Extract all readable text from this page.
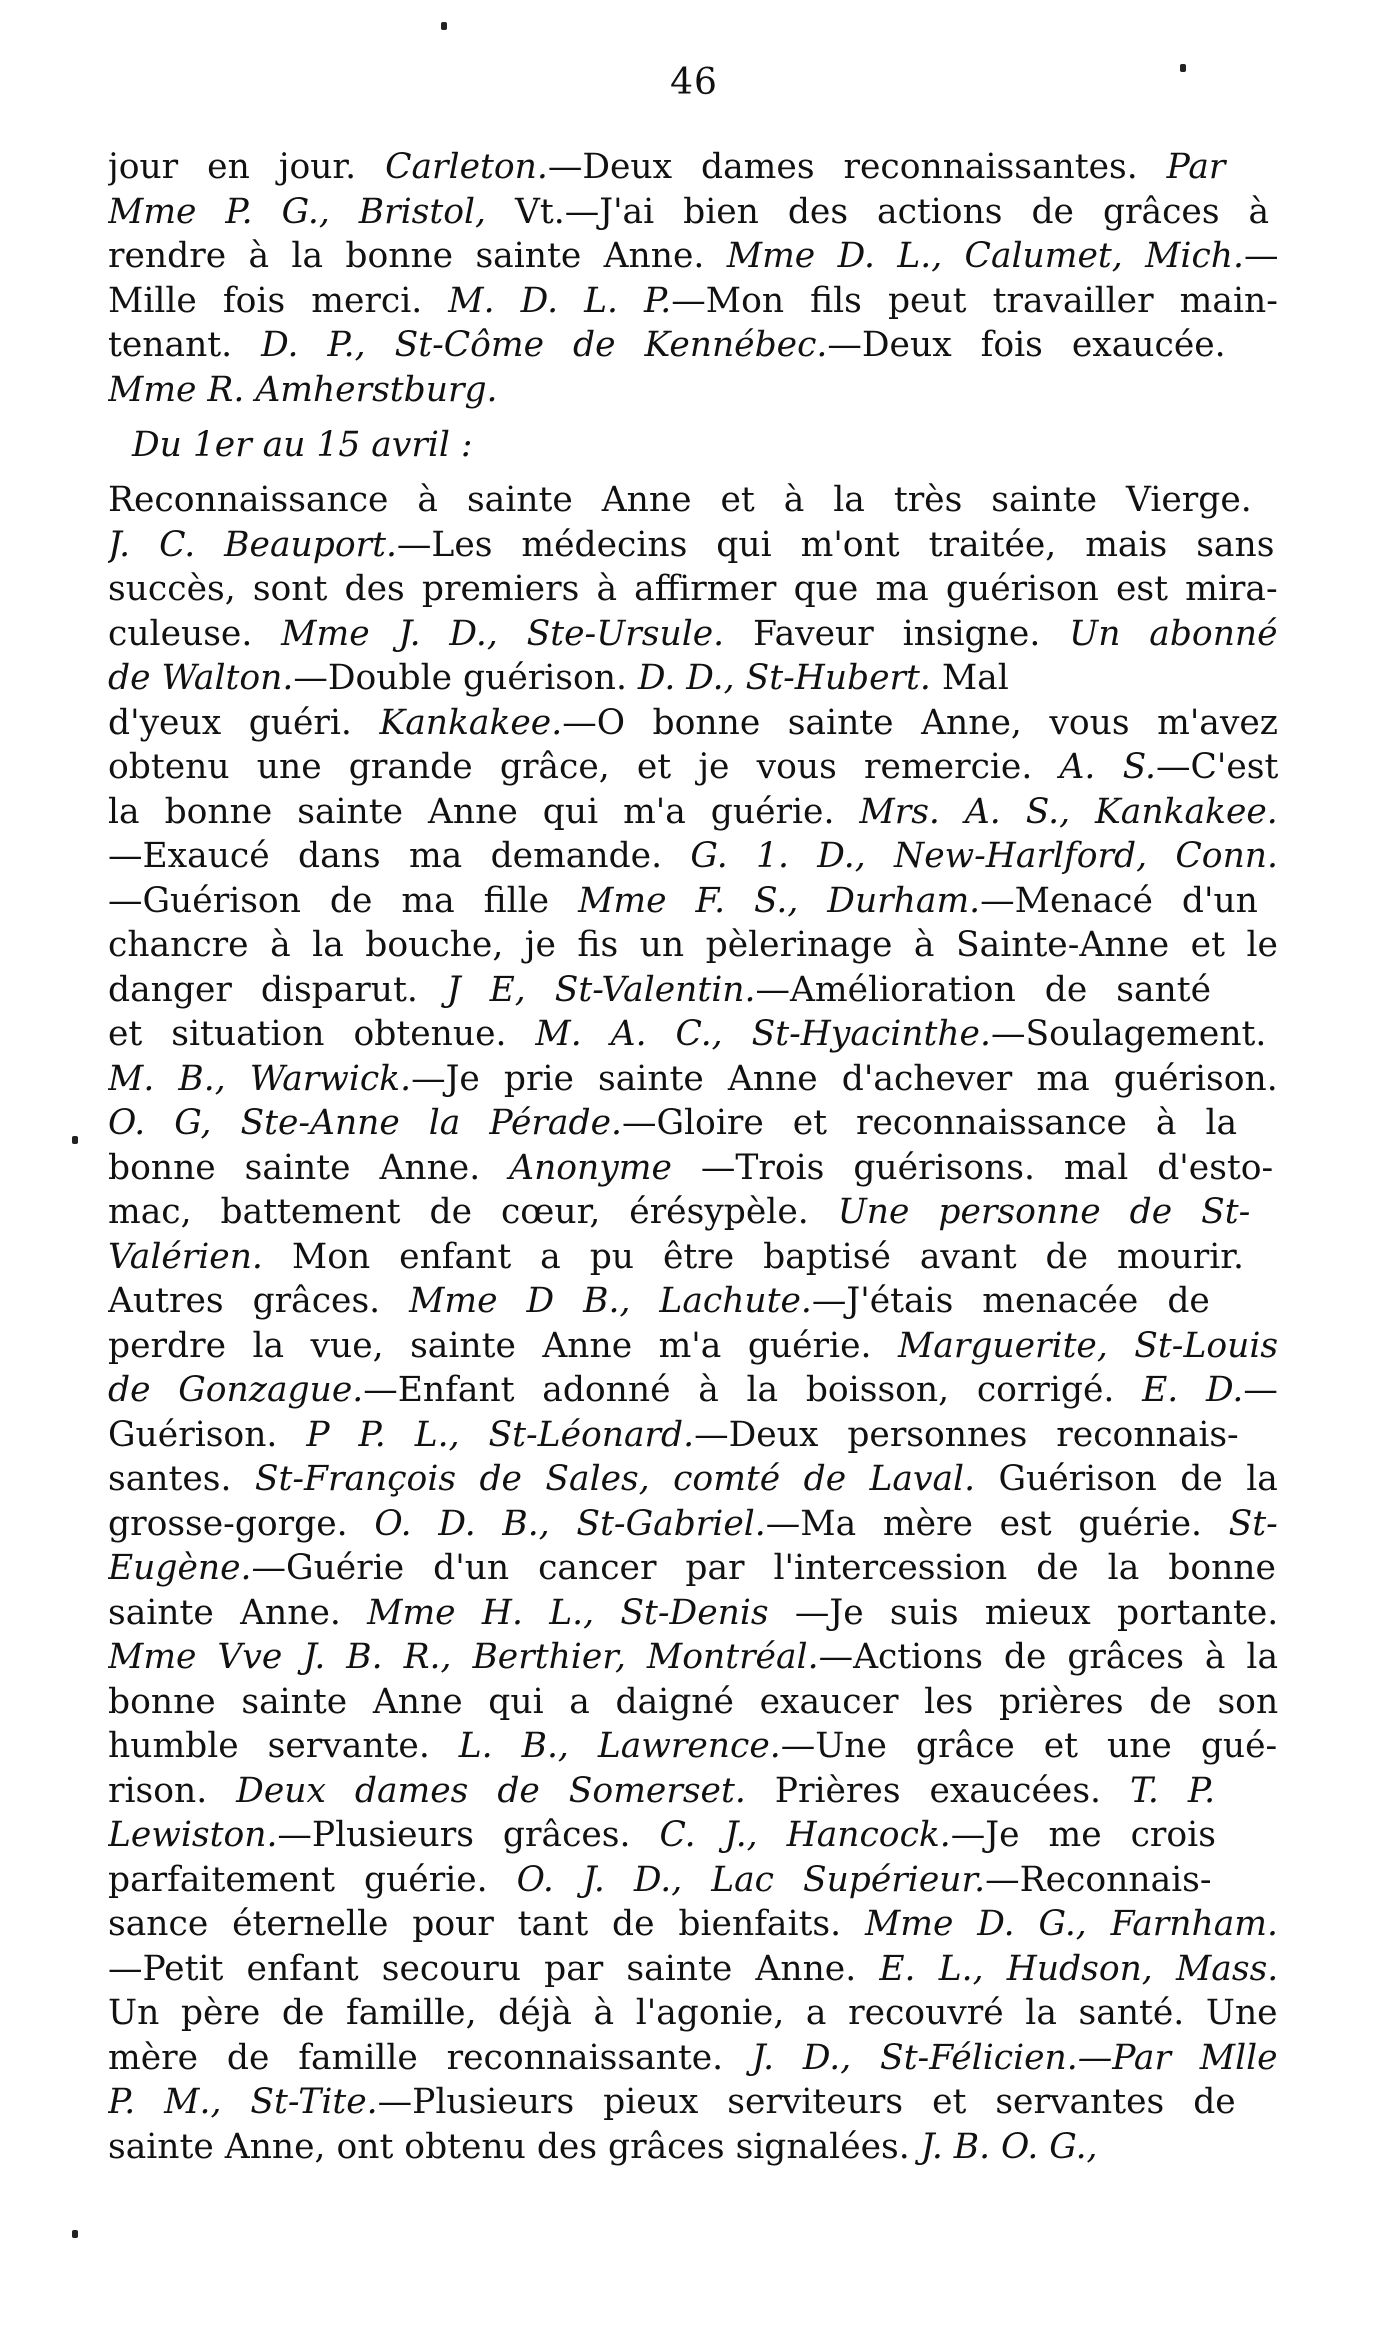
46
jour en jour. Carleton.—Deux dames reconnaissantes. Par
Mme P. G., Bristol, Vt.—J'ai bien des actions de grâces à
rendre à la bonne sainte Anne. Mme D. L., Calumet, Mich.—
Mille fois merci. M. D. L. P.—Mon fils peut travailler main-
tenant. D. P., St-Côme de Kennébec.—Deux fois exaucée.
Mme R. Amherstburg.
Du 1er au 15 avril :
Reconnaissance à sainte Anne et à la très sainte Vierge.
J. C. Beauport.—Les médecins qui m'ont traitée, mais sans
succès, sont des premiers à affirmer que ma guérison est mira-
culeuse. Mme J. D., Ste-Ursule. Faveur insigne. Un abonné
de Walton.—Double guérison. D. D., St-Hubert. Mal
d'yeux guéri. Kankakee.—O bonne sainte Anne, vous m'avez
obtenu une grande grâce, et je vous remercie. A. S.—C'est
la bonne sainte Anne qui m'a guérie. Mrs. A. S., Kankakee.
—Exaucé dans ma demande. G. 1. D., New-Harlford, Conn.
—Guérison de ma fille Mme F. S., Durham.—Menacé d'un
chancre à la bouche, je fis un pèlerinage à Sainte-Anne et le
danger disparut. J E, St-Valentin.—Amélioration de santé
et situation obtenue. M. A. C., St-Hyacinthe.—Soulagement.
M. B., Warwick.—Je prie sainte Anne d'achever ma guérison.
O. G, Ste-Anne la Pérade.—Gloire et reconnaissance à la
bonne sainte Anne. Anonyme —Trois guérisons. mal d'esto-
mac, battement de cœur, érésypèle. Une personne de St-
Valérien. Mon enfant a pu être baptisé avant de mourir.
Autres grâces. Mme D B., Lachute.—J'étais menacée de
perdre la vue, sainte Anne m'a guérie. Marguerite, St-Louis
de Gonzague.—Enfant adonné à la boisson, corrigé. E. D.—
Guérison. P P. L., St-Léonard.—Deux personnes reconnais-
santes. St-François de Sales, comté de Laval. Guérison de la
grosse-gorge. O. D. B., St-Gabriel.—Ma mère est guérie. St-
Eugène.—Guérie d'un cancer par l'intercession de la bonne
sainte Anne. Mme H. L., St-Denis —Je suis mieux portante.
Mme Vve J. B. R., Berthier, Montréal.—Actions de grâces à la
bonne sainte Anne qui a daigné exaucer les prières de son
humble servante. L. B., Lawrence.—Une grâce et une gué-
rison. Deux dames de Somerset. Prières exaucées. T. P.
Lewiston.—Plusieurs grâces. C. J., Hancock.—Je me crois
parfaitement guérie. O. J. D., Lac Supérieur.—Reconnais-
sance éternelle pour tant de bienfaits. Mme D. G., Farnham.
—Petit enfant secouru par sainte Anne. E. L., Hudson, Mass.
Un père de famille, déjà à l'agonie, a recouvré la santé. Une
mère de famille reconnaissante. J. D., St-Félicien.—Par Mlle
P. M., St-Tite.—Plusieurs pieux serviteurs et servantes de
sainte Anne, ont obtenu des grâces signalées. J. B. O. G.,
